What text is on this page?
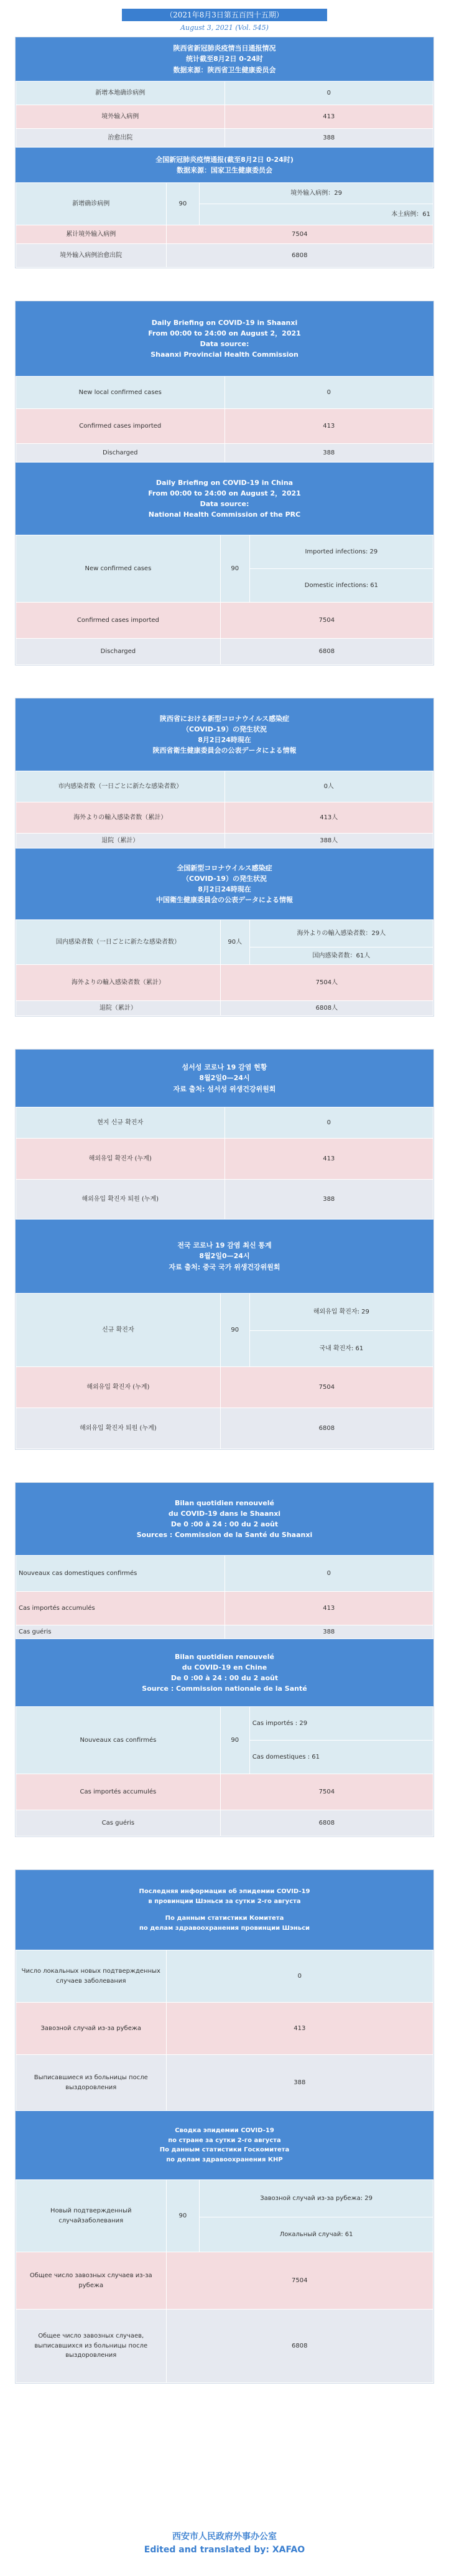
（2021年8月3日第五百四十五期）
August 3, 2021 (Vol. 545)
陕西省新冠肺炎疫情当日通报情况
统计截至8月2日 0-24时
数据来源：陕西省卫生健康委员会
新增本地确诊病例	0
境外输入病例	413
治愈出院	388
全国新冠肺炎疫情通报(截至8月2日 0-24时)
数据来源：国家卫生健康委员会
新增确诊病例	90	境外输入病例：29
		本土病例：61
累计境外输入病例	7504	
境外输入病例治愈出院	6808	
Daily Briefing on COVID-19 in Shaanxi
From 00:00 to 24:00 on August 2，2021
Data source:
Shaanxi Provincial Health Commission
New local confirmed cases	0
Confirmed cases imported	413
Discharged	388
Daily Briefing on COVID-19 in China
From 00:00 to 24:00 on August 2，2021
Data source:
National Health Commission of the PRC
New confirmed cases	90	Imported infections: 29
		Domestic infections: 61
Confirmed cases imported	7504	
Discharged	6808	
陝西省における新型コロナウイルス感染症
（COVID-19）の発生状況
8月2日24時現在
陝西省衛生健康委員会の公表データによる情報
市内感染者数（一日ごとに新たな感染者数）	0人
海外よりの輸入感染者数（累計）	413人
退院（累計）	388人
全国新型コロナウイルス感染症
（COVID-19）の発生状況
8月2日24時現在
中国衛生健康委員会の公表データによる情報
国内感染者数（一日ごとに新たな感染者数）	90人	海外よりの輸入感染者数：29人
		国内感染者数：61人
海外よりの輸入感染者数（累計）	7504人	
退院（累計）	6808人	
섬서성 코로나 19 감염 현황
8월2일0—24시
자료 출처: 섬서성 위생건강위원회
현지 신규 확진자	0
해외유입 확진자 (누계)	413
해외유입 확진자 퇴원 (누계)	388
전국 코로나 19 감염 최신 통계
8월2일0—24시
자료 출처: 중국 국가 위생건강위원회
신규 확진자	90	해외유입 확진자: 29
		국내 확진자: 61
해외유입 확진자 (누계)	7504	
해외유입 확진자 퇴원 (누계)	6808	
Bilan quotidien renouvelé
du COVID-19 dans le Shaanxi
De 0 :00 à 24 : 00 du 2 août
Sources : Commission de la Santé du Shaanxi
Nouveaux cas domestiques confirmés	0
Cas importés accumulés	413
Cas guéris	388
Bilan quotidien renouvelé
du COVID-19 en Chine
De 0 :00 à 24 : 00 du 2 août
Source : Commission nationale de la Santé
Nouveaux cas confirmés	90	Cas importés : 29
		Cas domestiques : 61
Cas importés accumulés	7504	
Cas guéris	6808	
Последняя информация об эпидемии COVID-19
в провинции Шэньси за сутки 2-го августа
По данным статистики Комитета
по делам здравоохранения провинции Шэньси
Число локальных новых подтвержденных случаев заболевания	0
Завозной случай из-за рубежа	413
Выписавшиеся из больницы после выздоровления	388
Сводка эпидемии COVID-19
по стране за сутки 2-го августа
По данным статистики Госкомитета
по делам здравоохранения КНР
Новый подтвержденный случайзаболевания	90	Завозной случай из-за рубежа: 29
		Локальный случай: 61
Общее число завозных случаев из-за рубежа	7504	
Общее число завозных случаев, выписавшихся из больницы после выздоровления	6808	
西安市人民政府外事办公室
Edited and translated by: XAFAO
